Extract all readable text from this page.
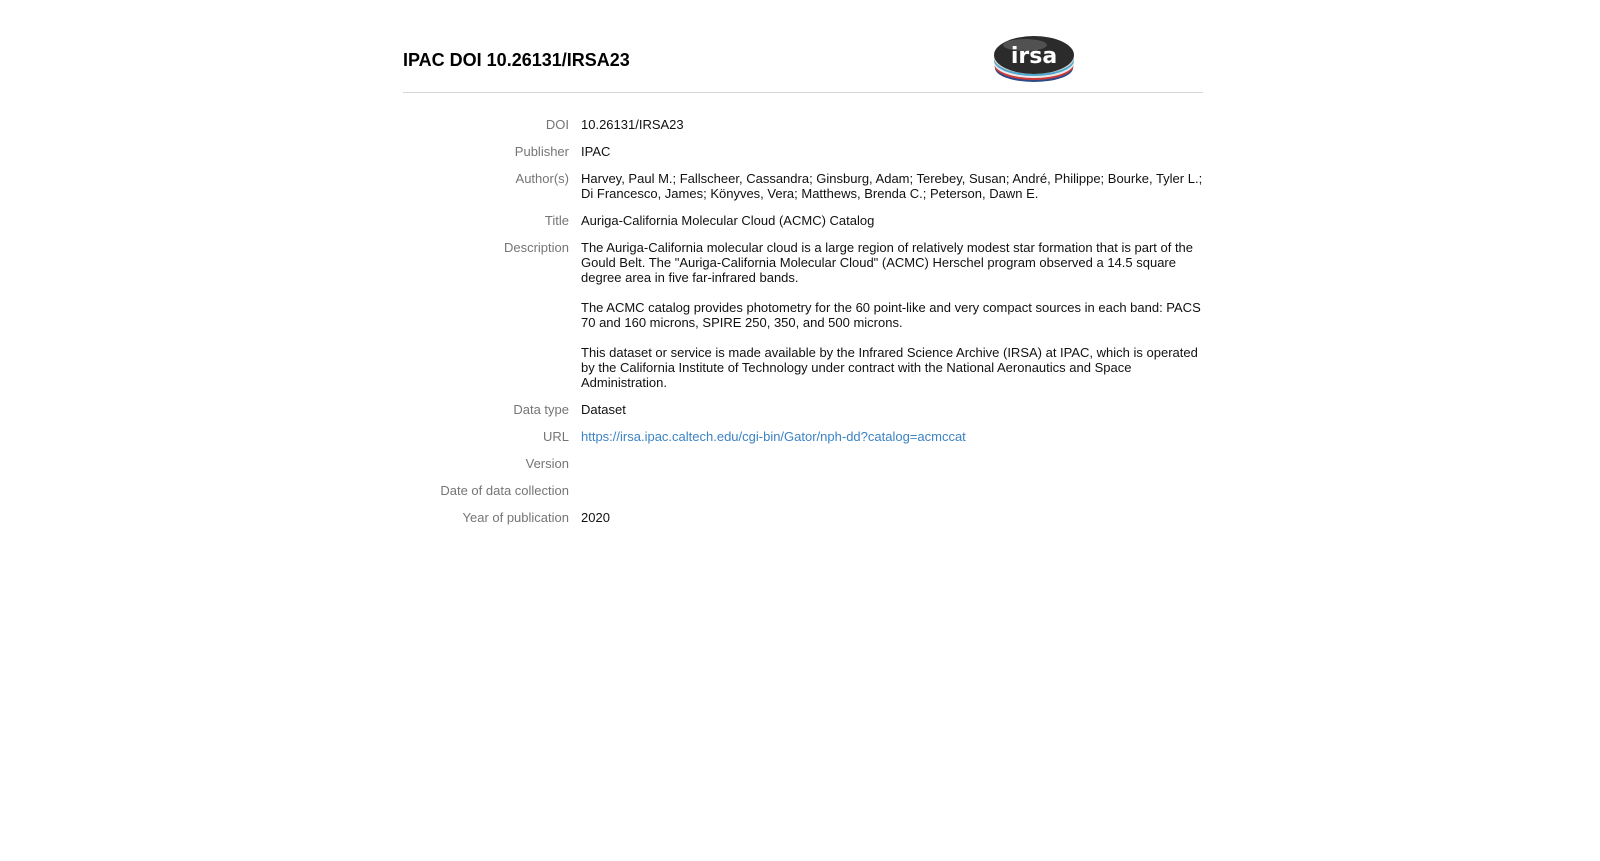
IPAC DOI 10.26131/IRSA23	irsa
DOI	10.26131/IRSA23
Publisher	IPAC
Author(s)	Harvey, Paul M.; Fallscheer, Cassandra; Ginsburg, Adam; Terebey, Susan; André, Philippe; Bourke, Tyler L.; Di Francesco, James; Könyves, Vera; Matthews, Brenda C.; Peterson, Dawn E.
Title	Auriga-California Molecular Cloud (ACMC) Catalog
Description	The Auriga-California molecular cloud is a large region of relatively modest star formation that is part of the Gould Belt. The "Auriga-California Molecular Cloud" (ACMC) Herschel program observed a 14.5 square degree area in five far-infrared bands.

The ACMC catalog provides photometry for the 60 point-like and very compact sources in each band: PACS 70 and 160 microns, SPIRE 250, 350, and 500 microns.

This dataset or service is made available by the Infrared Science Archive (IRSA) at IPAC, which is operated by the California Institute of Technology under contract with the National Aeronautics and Space Administration.

Data type	Dataset
URL	https://irsa.ipac.caltech.edu/cgi-bin/Gator/nph-dd?catalog=acmccat
Version	
Date of data collection	
Year of publication	2020
